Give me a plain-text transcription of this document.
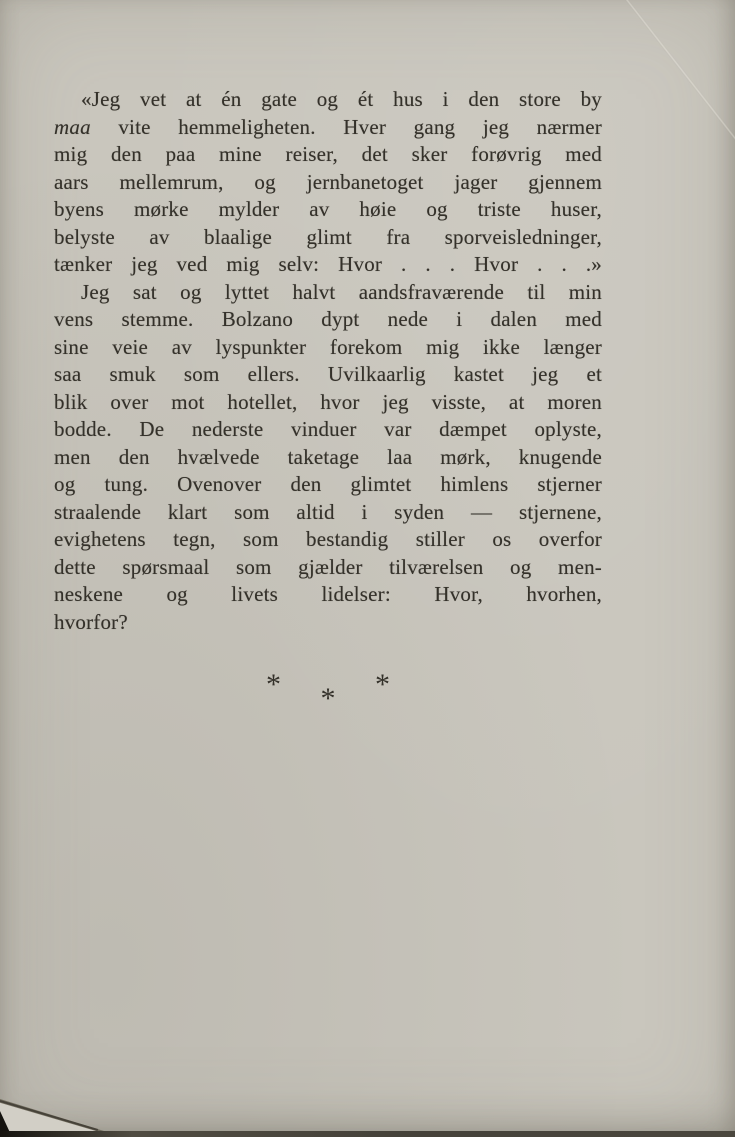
«Jeg vet at én gate og ét hus i den store by
maa vite hemmeligheten. Hver gang jeg nærmer
mig den paa mine reiser, det sker forøvrig med
aars mellemrum, og jernbanetoget jager gjennem
byens mørke mylder av høie og triste huser,
belyste av blaalige glimt fra sporveisledninger,
tænker jeg ved mig selv: Hvor . . . Hvor . . .»
Jeg sat og lyttet halvt aandsfraværende til min
vens stemme. Bolzano dypt nede i dalen med
sine veie av lyspunkter forekom mig ikke længer
saa smuk som ellers. Uvilkaarlig kastet jeg et
blik over mot hotellet, hvor jeg visste, at moren
bodde. De nederste vinduer var dæmpet oplyste,
men den hvælvede taketage laa mørk, knugende
og tung. Ovenover den glimtet himlens stjerner
straalende klart som altid i syden — stjernene,
evighetens tegn, som bestandig stiller os overfor
dette spørsmaal som gjælder tilværelsen og men-
neskene og livets lidelser: Hvor, hvorhen,
hvorfor?
* * *
